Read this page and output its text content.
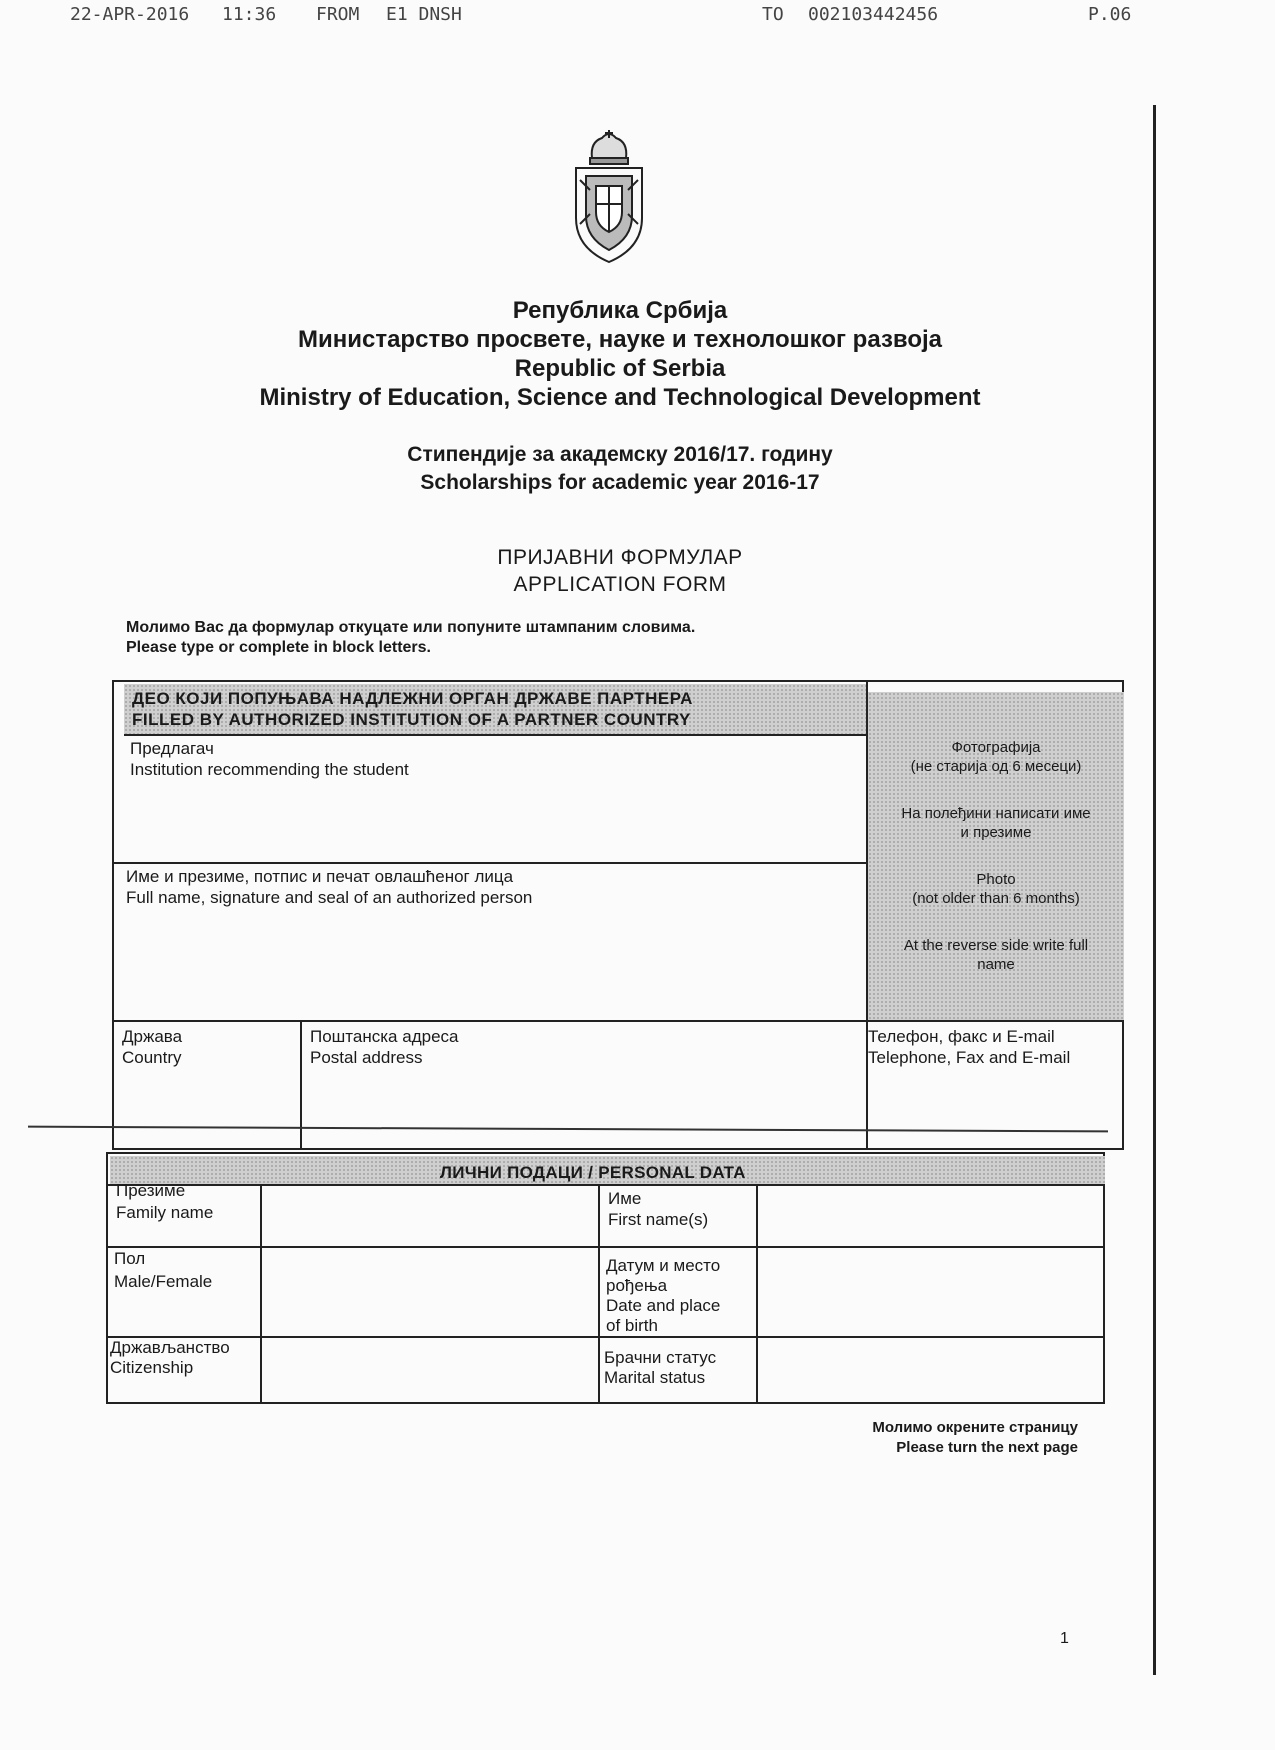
22-APR-2016 11:36 FROM E1 DNSH	TO 002103442456	P.06
Република Србија
Министарство просвете, науке и технолошког развоја
Republic of Serbia
Ministry of Education, Science and Technological Development
Стипендије за академску 2016/17. годину
Scholarships for academic year 2016-17
ПРИЈАВНИ ФОРМУЛАР
APPLICATION FORM
Молимо Вас да формулар откуцате или попуните штампаним словима.
Please type or complete in block letters.
ДЕО КОЈИ ПОПУЊАВА НАДЛЕЖНИ ОРГАН ДРЖАВЕ ПАРТНЕРА
FILLED BY AUTHORIZED INSTITUTION OF A PARTNER COUNTRY
Фотографија
(не старија од 6 месеци)
На полеђини написати име
и презиме
Photo
(not older than 6 months)
At the reverse side write full
name
Предлагач
Institution recommending the student
Име и презиме, потпис и печат овлашћеног лица
Full name, signature and seal of an authorized person
Држава
Country
Поштанска адреса
Postal address
Телефон, факс и E-mail
Telephone, Fax and E-mail
ЛИЧНИ ПОДАЦИ / PERSONAL DATA
Презиме
Family name
Име
First name(s)
Пол
Male/Female
Датум и место
рођења
Date and place
of birth
Држављанство
Citizenship
Брачни статус
Marital status
Молимо окрените страницу
Please turn the next page
1
